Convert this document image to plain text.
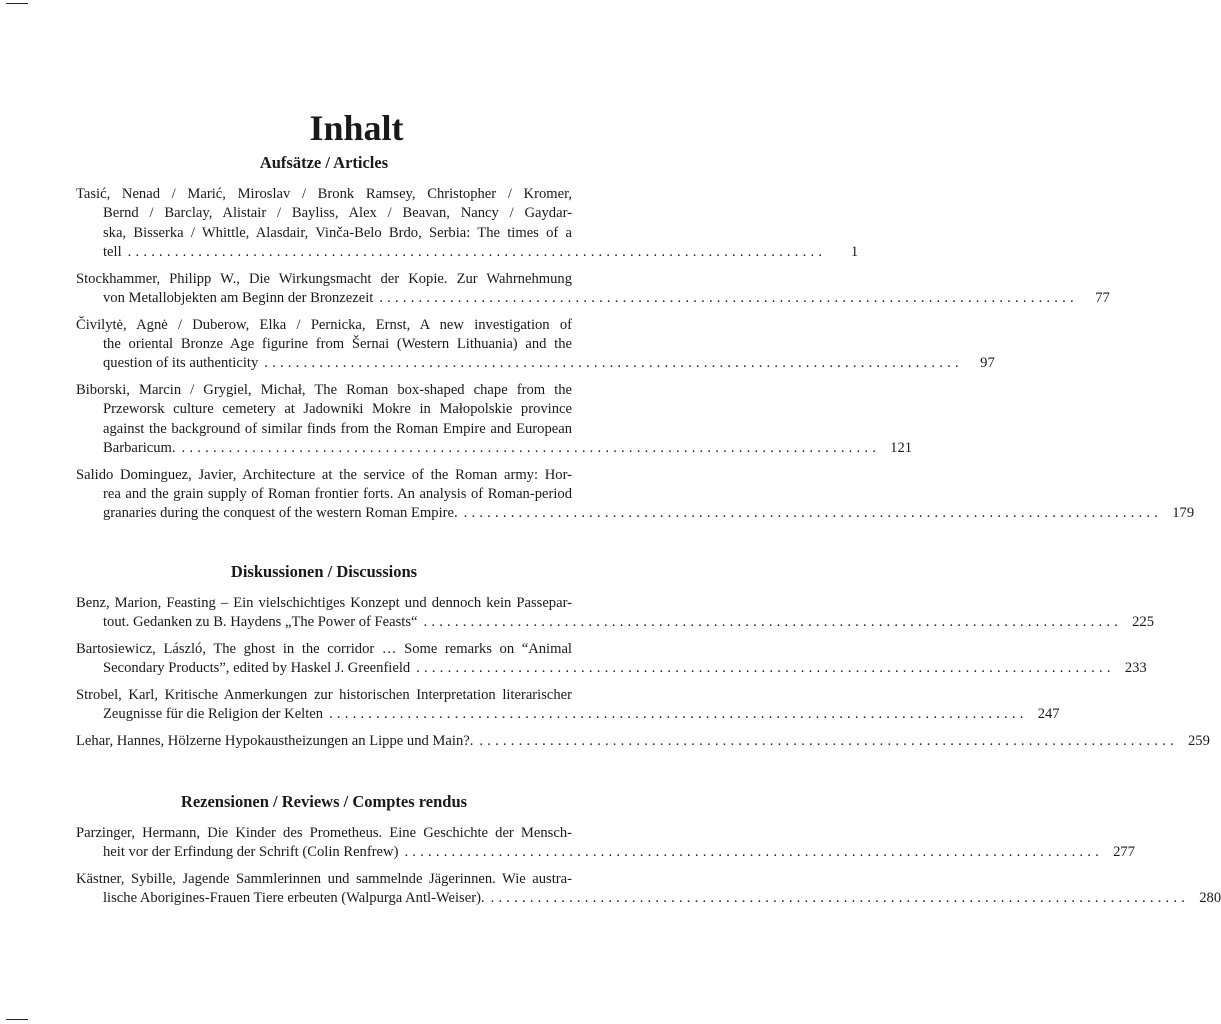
Inhalt
Aufsätze / Articles
Tasić, Nenad / Marić, Miroslav / Bronk Ramsey, Christopher / Kromer,
Bernd / Barclay, Alistair / Bayliss, Alex / Beavan, Nancy / Gaydar-
ska, Bisserka / Whittle, Alasdair, Vinča-Belo Brdo, Serbia: The times of a
tell .........................................................................................	1
Stockhammer, Philipp W., Die Wirkungsmacht der Kopie. Zur Wahrnehmung
von Metallobjekten am Beginn der Bronzezeit .........................................................................................	77
Čivilytė, Agnė / Duberow, Elka / Pernicka, Ernst, A new investigation of
the oriental Bronze Age figurine from Šernai (Western Lithuania) and the
question of its authenticity .........................................................................................	97
Biborski, Marcin / Grygiel, Michał, The Roman box-shaped chape from the
Przeworsk culture cemetery at Jadowniki Mokre in Małopolskie province
against the background of similar finds from the Roman Empire and European
Barbaricum. ......................................................................................... 121
Salido Dominguez, Javier, Architecture at the service of the Roman army: Hor-
rea and the grain supply of Roman frontier forts. An analysis of Roman-period
granaries during the conquest of the western Roman Empire. ......................................................................................... 179
Diskussionen / Discussions
Benz, Marion, Feasting – Ein vielschichtiges Konzept und dennoch kein Passepar-
tout. Gedanken zu B. Haydens „The Power of Feasts“ ......................................................................................... 225
Bartosiewicz, László, The ghost in the corridor … Some remarks on “Animal
Secondary Products”, edited by Haskel J. Greenfield ......................................................................................... 233
Strobel, Karl, Kritische Anmerkungen zur historischen Interpretation literarischer
Zeugnisse für die Religion der Kelten ......................................................................................... 247
Lehar, Hannes, Hölzerne Hypokaustheizungen an Lippe und Main?. ......................................................................................... 259
Rezensionen / Reviews / Comptes rendus
Parzinger, Hermann, Die Kinder des Prometheus. Eine Geschichte der Mensch-
heit vor der Erfindung der Schrift (Colin Renfrew) ......................................................................................... 277
Kästner, Sybille, Jagende Sammlerinnen und sammelnde Jägerinnen. Wie austra-
lische Aborigines-Frauen Tiere erbeuten (Walpurga Antl-Weiser). ......................................................................................... 280
